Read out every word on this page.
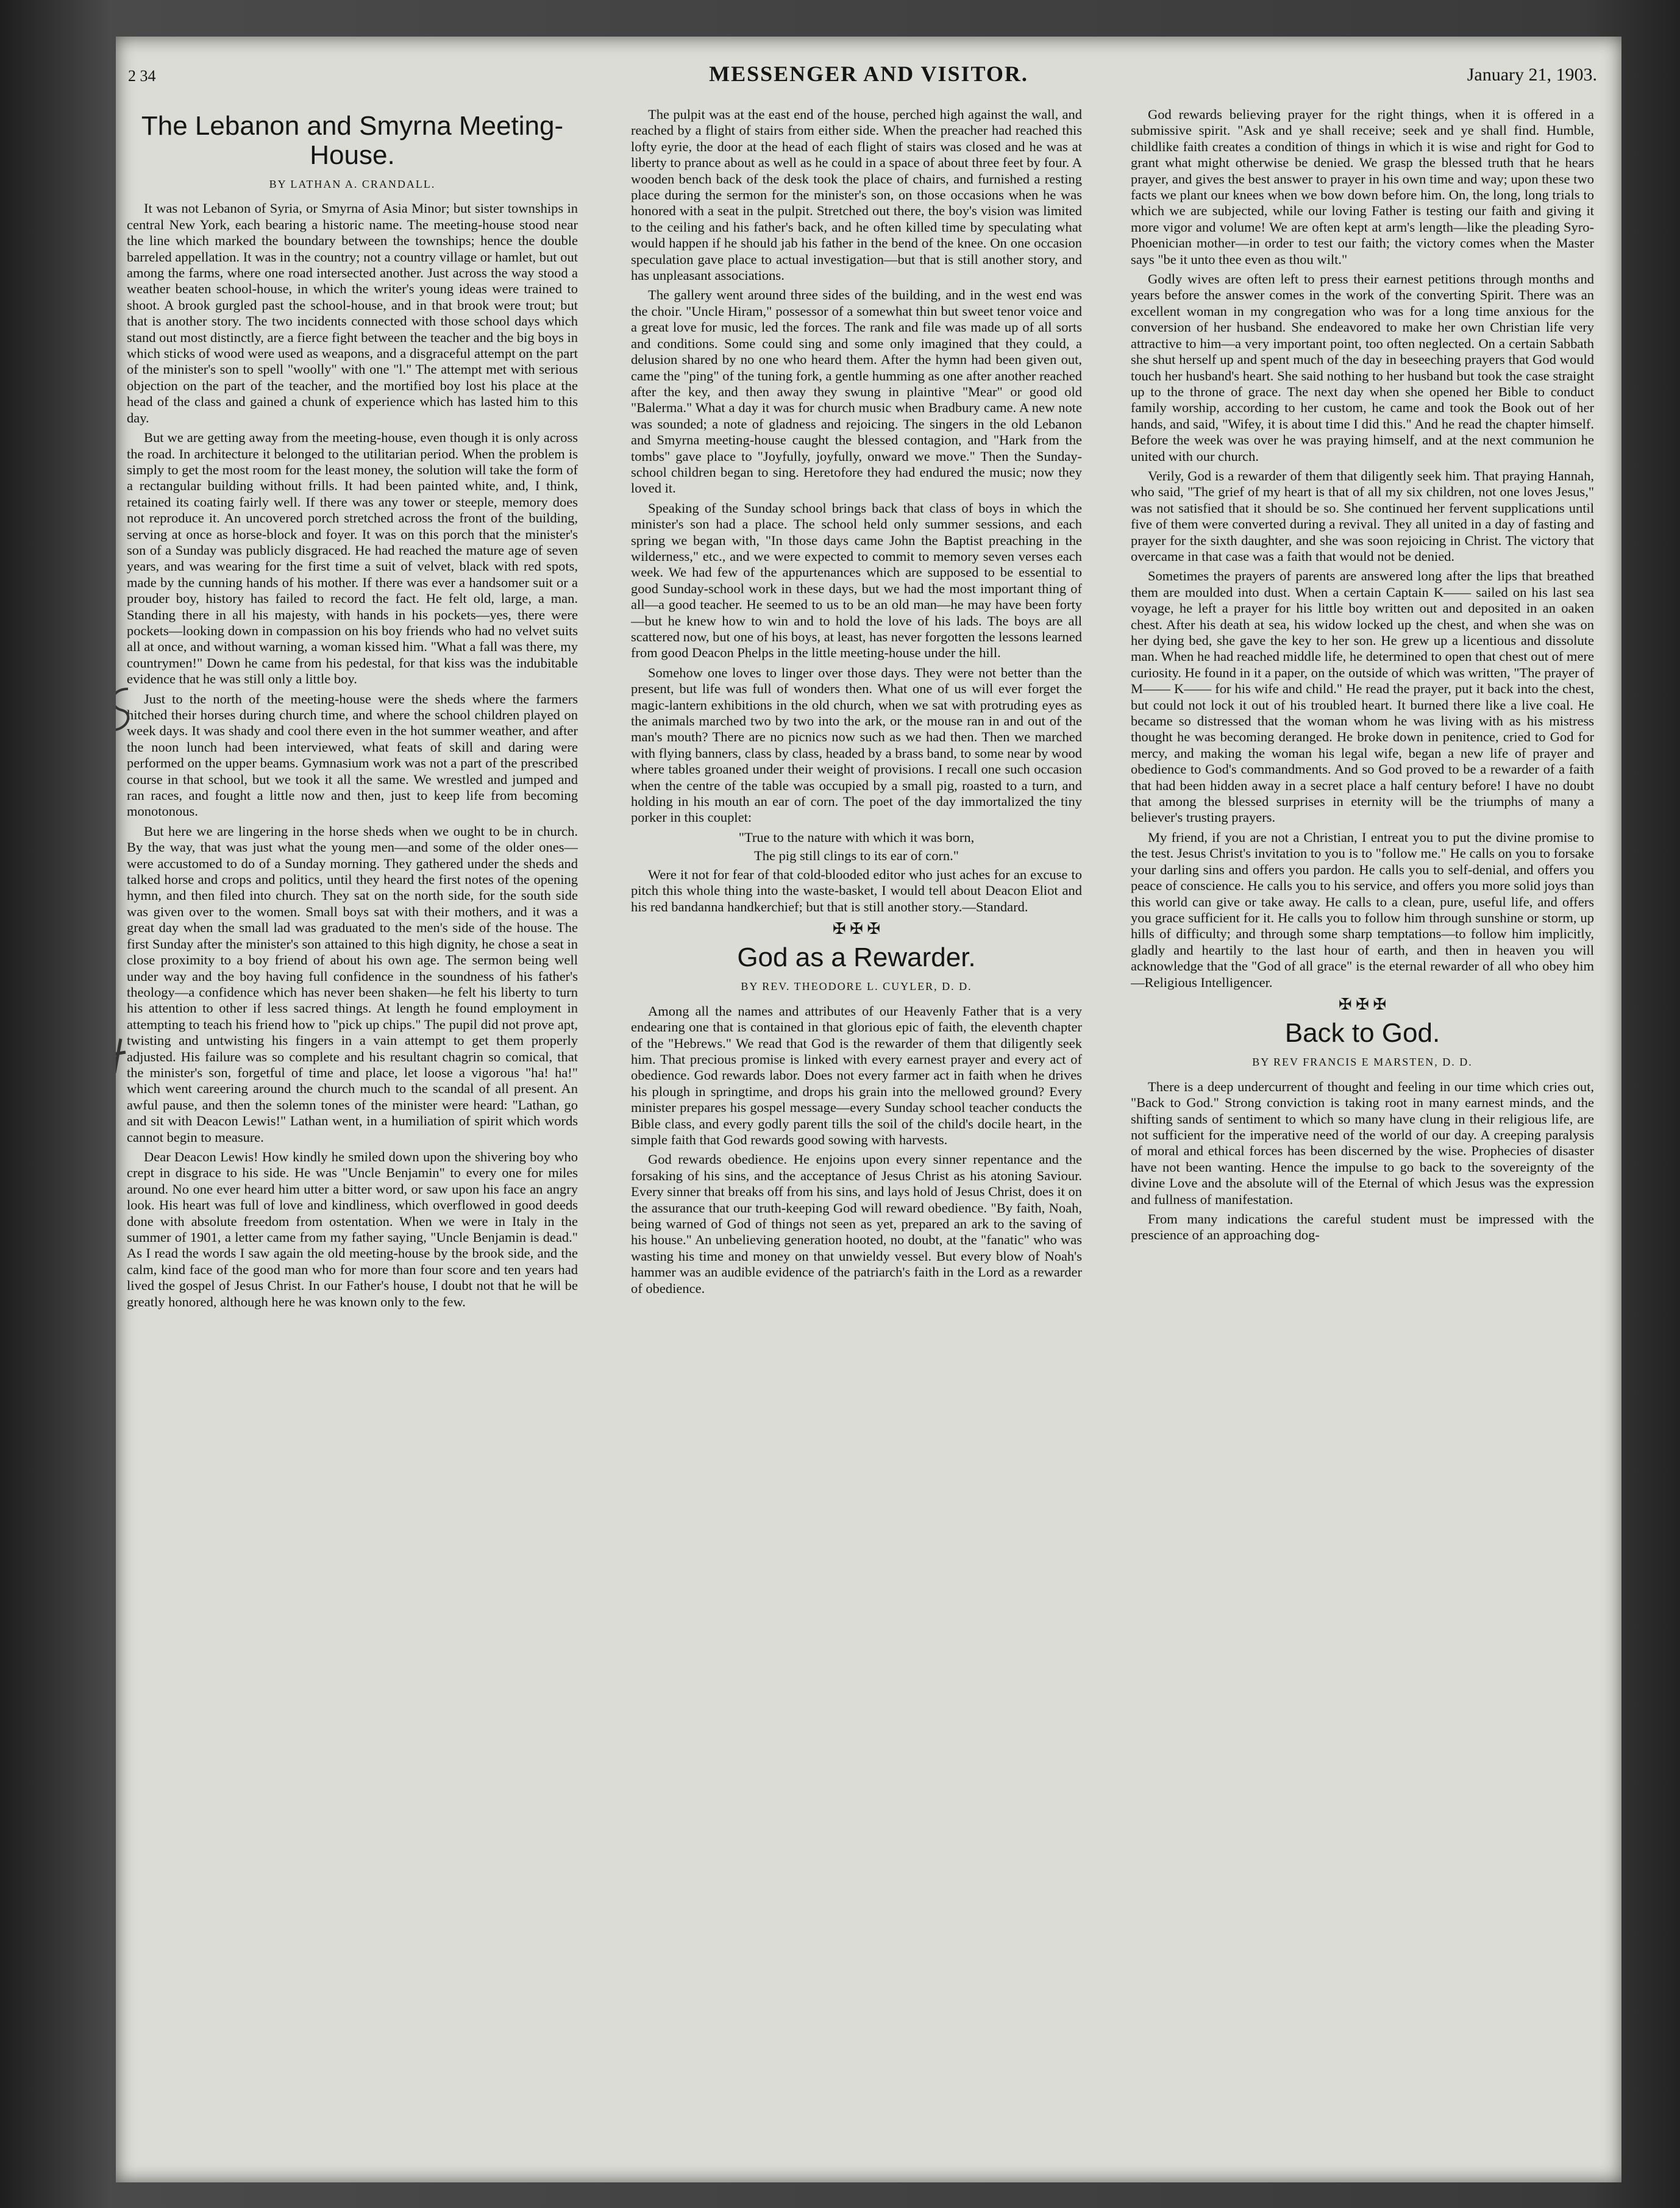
2 34	MESSENGER AND VISITOR.	January 21, 1903.
The Lebanon and Smyrna Meeting-House.
BY LATHAN A. CRANDALL.

It was not Lebanon of Syria, or Smyrna of Asia Minor; but sister townships in central New York, each bearing a historic name. The meeting-house stood near the line which marked the boundary between the townships; hence the double barreled appellation. It was in the country; not a country village or hamlet, but out among the farms, where one road intersected another. Just across the way stood a weather beaten school-house, in which the writer's young ideas were trained to shoot. A brook gurgled past the school-house, and in that brook were trout; but that is another story. The two incidents connected with those school days which stand out most distinctly, are a fierce fight between the teacher and the big boys in which sticks of wood were used as weapons, and a disgraceful attempt on the part of the minister's son to spell "woolly" with one "l." The attempt met with serious objection on the part of the teacher, and the mortified boy lost his place at the head of the class and gained a chunk of experience which has lasted him to this day.

But we are getting away from the meeting-house, even though it is only across the road. In architecture it belonged to the utilitarian period. When the problem is simply to get the most room for the least money, the solution will take the form of a rectangular building without frills. It had been painted white, and, I think, retained its coating fairly well. If there was any tower or steeple, memory does not reproduce it. An uncovered porch stretched across the front of the building, serving at once as horse-block and foyer. It was on this porch that the minister's son of a Sunday was publicly disgraced. He had reached the mature age of seven years, and was wearing for the first time a suit of velvet, black with red spots, made by the cunning hands of his mother. If there was ever a handsomer suit or a prouder boy, history has failed to record the fact. He felt old, large, a man. Standing there in all his majesty, with hands in his pockets—yes, there were pockets—looking down in compassion on his boy friends who had no velvet suits all at once, and without warning, a woman kissed him. "What a fall was there, my countrymen!" Down he came from his pedestal, for that kiss was the indubitable evidence that he was still only a little boy.

Just to the north of the meeting-house were the sheds where the farmers hitched their horses during church time, and where the school children played on week days. It was shady and cool there even in the hot summer weather, and after the noon lunch had been interviewed, what feats of skill and daring were performed on the upper beams. Gymnasium work was not a part of the prescribed course in that school, but we took it all the same. We wrestled and jumped and ran races, and fought a little now and then, just to keep life from becoming monotonous.

But here we are lingering in the horse sheds when we ought to be in church. By the way, that was just what the young men—and some of the older ones—were accustomed to do of a Sunday morning. They gathered under the sheds and talked horse and crops and politics, until they heard the first notes of the opening hymn, and then filed into church. They sat on the north side, for the south side was given over to the women. Small boys sat with their mothers, and it was a great day when the small lad was graduated to the men's side of the house. The first Sunday after the minister's son attained to this high dignity, he chose a seat in close proximity to a boy friend of about his own age. The sermon being well under way and the boy having full confidence in the soundness of his father's theology—a confidence which has never been shaken—he felt his liberty to turn his attention to other if less sacred things. At length he found employment in attempting to teach his friend how to "pick up chips." The pupil did not prove apt, twisting and untwisting his fingers in a vain attempt to get them properly adjusted. His failure was so complete and his resultant chagrin so comical, that the minister's son, forgetful of time and place, let loose a vigorous "ha! ha!" which went careering around the church much to the scandal of all present. An awful pause, and then the solemn tones of the minister were heard: "Lathan, go and sit with Deacon Lewis!" Lathan went, in a humiliation of spirit which words cannot begin to measure.

Dear Deacon Lewis! How kindly he smiled down upon the shivering boy who crept in disgrace to his side. He was "Uncle Benjamin" to every one for miles around. No one ever heard him utter a bitter word, or saw upon his face an angry look. His heart was full of love and kindliness, which overflowed in good deeds done with absolute freedom from ostentation. When we were in Italy in the summer of 1901, a letter came from my father saying, "Uncle Benjamin is dead." As I read the words I saw again the old meeting-house by the brook side, and the calm, kind face of the good man who for more than four score and ten years had lived the gospel of Jesus Christ. In our Father's house, I doubt not that he will be greatly honored, although here he was known only to the few.

The pulpit was at the east end of the house, perched high against the wall, and reached by a flight of stairs from either side. When the preacher had reached this lofty eyrie, the door at the head of each flight of stairs was closed and he was at liberty to prance about as well as he could in a space of about three feet by four. A wooden bench back of the desk took the place of chairs, and furnished a resting place during the sermon for the minister's son, on those occasions when he was honored with a seat in the pulpit. Stretched out there, the boy's vision was limited to the ceiling and his father's back, and he often killed time by speculating what would happen if he should jab his father in the bend of the knee. On one occasion speculation gave place to actual investigation—but that is still another story, and has unpleasant associations.

The gallery went around three sides of the building, and in the west end was the choir. "Uncle Hiram," possessor of a somewhat thin but sweet tenor voice and a great love for music, led the forces. The rank and file was made up of all sorts and conditions. Some could sing and some only imagined that they could, a delusion shared by no one who heard them. After the hymn had been given out, came the "ping" of the tuning fork, a gentle humming as one after another reached after the key, and then away they swung in plaintive "Mear" or good old "Balerma." What a day it was for church music when Bradbury came. A new note was sounded; a note of gladness and rejoicing. The singers in the old Lebanon and Smyrna meeting-house caught the blessed contagion, and "Hark from the tombs" gave place to "Joyfully, joyfully, onward we move." Then the Sunday-school children began to sing. Heretofore they had endured the music; now they loved it.

Speaking of the Sunday school brings back that class of boys in which the minister's son had a place. The school held only summer sessions, and each spring we began with, "In those days came John the Baptist preaching in the wilderness," etc., and we were expected to commit to memory seven verses each week. We had few of the appurtenances which are supposed to be essential to good Sunday-school work in these days, but we had the most important thing of all—a good teacher. He seemed to us to be an old man—he may have been forty—but he knew how to win and to hold the love of his lads. The boys are all scattered now, but one of his boys, at least, has never forgotten the lessons learned from good Deacon Phelps in the little meeting-house under the hill.

Somehow one loves to linger over those days. They were not better than the present, but life was full of wonders then. What one of us will ever forget the magic-lantern exhibitions in the old church, when we sat with protruding eyes as the animals marched two by two into the ark, or the mouse ran in and out of the man's mouth? There are no picnics now such as we had then. Then we marched with flying banners, class by class, headed by a brass band, to some near by wood where tables groaned under their weight of provisions. I recall one such occasion when the centre of the table was occupied by a small pig, roasted to a turn, and holding in his mouth an ear of corn. The poet of the day immortalized the tiny porker in this couplet:

"True to the nature with which it was born,

The pig still clings to its ear of corn."

Were it not for fear of that cold-blooded editor who just aches for an excuse to pitch this whole thing into the waste-basket, I would tell about Deacon Eliot and his red bandanna handkerchief; but that is still another story.—Standard.

✠ ✠ ✠
God as a Rewarder.
BY REV. THEODORE L. CUYLER, D. D.

Among all the names and attributes of our Heavenly Father that is a very endearing one that is contained in that glorious epic of faith, the eleventh chapter of the "Hebrews." We read that God is the rewarder of them that diligently seek him. That precious promise is linked with every earnest prayer and every act of obedience. God rewards labor. Does not every farmer act in faith when he drives his plough in springtime, and drops his grain into the mellowed ground? Every minister prepares his gospel message—every Sunday school teacher conducts the Bible class, and every godly parent tills the soil of the child's docile heart, in the simple faith that God rewards good sowing with harvests.

God rewards obedience. He enjoins upon every sinner repentance and the forsaking of his sins, and the acceptance of Jesus Christ as his atoning Saviour. Every sinner that breaks off from his sins, and lays hold of Jesus Christ, does it on the assurance that our truth-keeping God will reward obedience. "By faith, Noah, being warned of God of things not seen as yet, prepared an ark to the saving of his house." An unbelieving generation hooted, no doubt, at the "fanatic" who was wasting his time and money on that unwieldy vessel. But every blow of Noah's hammer was an audible evidence of the patriarch's faith in the Lord as a rewarder of obedience.

God rewards believing prayer for the right things, when it is offered in a submissive spirit. "Ask and ye shall receive; seek and ye shall find. Humble, childlike faith creates a condition of things in which it is wise and right for God to grant what might otherwise be denied. We grasp the blessed truth that he hears prayer, and gives the best answer to prayer in his own time and way; upon these two facts we plant our knees when we bow down before him. On, the long, long trials to which we are subjected, while our loving Father is testing our faith and giving it more vigor and volume! We are often kept at arm's length—like the pleading Syro-Phoenician mother—in order to test our faith; the victory comes when the Master says "be it unto thee even as thou wilt."

Godly wives are often left to press their earnest petitions through months and years before the answer comes in the work of the converting Spirit. There was an excellent woman in my congregation who was for a long time anxious for the conversion of her husband. She endeavored to make her own Christian life very attractive to him—a very important point, too often neglected. On a certain Sabbath she shut herself up and spent much of the day in beseeching prayers that God would touch her husband's heart. She said nothing to her husband but took the case straight up to the throne of grace. The next day when she opened her Bible to conduct family worship, according to her custom, he came and took the Book out of her hands, and said, "Wifey, it is about time I did this." And he read the chapter himself. Before the week was over he was praying himself, and at the next communion he united with our church.

Verily, God is a rewarder of them that diligently seek him. That praying Hannah, who said, "The grief of my heart is that of all my six children, not one loves Jesus," was not satisfied that it should be so. She continued her fervent supplications until five of them were converted during a revival. They all united in a day of fasting and prayer for the sixth daughter, and she was soon rejoicing in Christ. The victory that overcame in that case was a faith that would not be denied.

Sometimes the prayers of parents are answered long after the lips that breathed them are moulded into dust. When a certain Captain K—— sailed on his last sea voyage, he left a prayer for his little boy written out and deposited in an oaken chest. After his death at sea, his widow locked up the chest, and when she was on her dying bed, she gave the key to her son. He grew up a licentious and dissolute man. When he had reached middle life, he determined to open that chest out of mere curiosity. He found in it a paper, on the outside of which was written, "The prayer of M—— K—— for his wife and child." He read the prayer, put it back into the chest, but could not lock it out of his troubled heart. It burned there like a live coal. He became so distressed that the woman whom he was living with as his mistress thought he was becoming deranged. He broke down in penitence, cried to God for mercy, and making the woman his legal wife, began a new life of prayer and obedience to God's commandments. And so God proved to be a rewarder of a faith that had been hidden away in a secret place a half century before! I have no doubt that among the blessed surprises in eternity will be the triumphs of many a believer's trusting prayers.

My friend, if you are not a Christian, I entreat you to put the divine promise to the test. Jesus Christ's invitation to you is to "follow me." He calls on you to forsake your darling sins and offers you pardon. He calls you to self-denial, and offers you peace of conscience. He calls you to his service, and offers you more solid joys than this world can give or take away. He calls to a clean, pure, useful life, and offers you grace sufficient for it. He calls you to follow him through sunshine or storm, up hills of difficulty; and through some sharp temptations—to follow him implicitly, gladly and heartily to the last hour of earth, and then in heaven you will acknowledge that the "God of all grace" is the eternal rewarder of all who obey him —Religious Intelligencer.

✠ ✠ ✠
Back to God.
BY REV FRANCIS E MARSTEN, D. D.

There is a deep undercurrent of thought and feeling in our time which cries out, "Back to God." Strong conviction is taking root in many earnest minds, and the shifting sands of sentiment to which so many have clung in their religious life, are not sufficient for the imperative need of the world of our day. A creeping paralysis of moral and ethical forces has been discerned by the wise. Prophecies of disaster have not been wanting. Hence the impulse to go back to the sovereignty of the divine Love and the absolute will of the Eternal of which Jesus was the expression and fullness of manifestation.

From many indications the careful student must be impressed with the prescience of an approaching dog-
